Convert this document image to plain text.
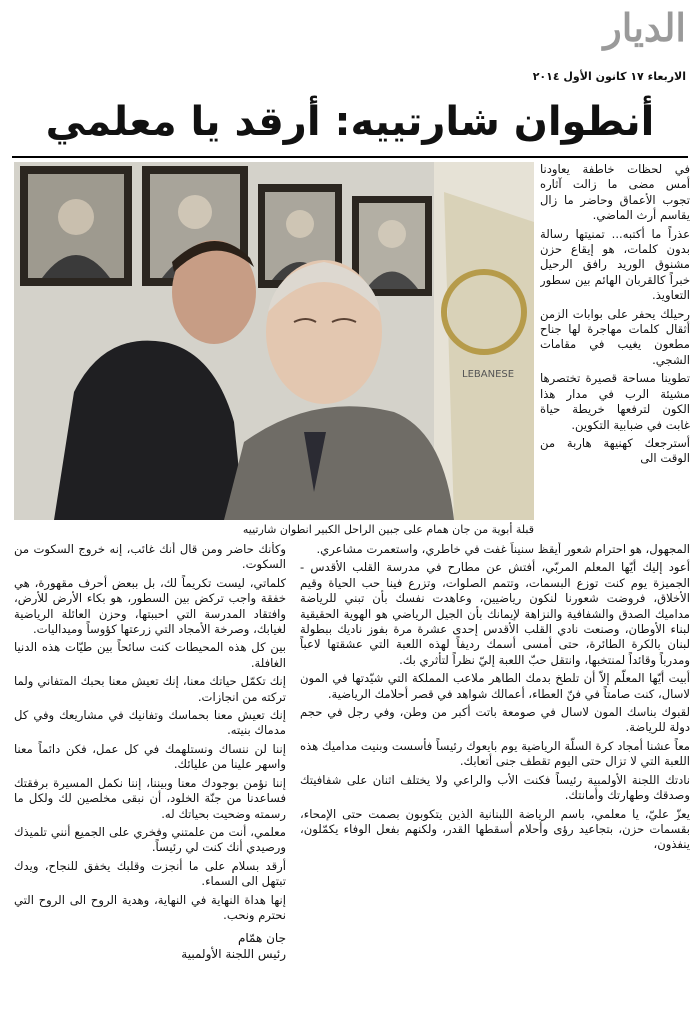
الديار
الاربعاء ١٧ كانون الأول ٢٠١٤
أنطوان شارتييه: أرقد يا معلمي
LEBANESE
قبلة أبوية من جان همام على جبين الراحل الكبير انطوان شارتييه

في لحظات خاطفة يعاودنا أمس مضى ما زالت آثاره تجوب الأعماق وحاضر ما زال يقاسم أرث الماضي.

عذراً ما أكتبه... تمنيتها رسالة بدون كلمات، هو إيقاع حزن مشنوق الوريد رافق الرحيل خبراً كالقربان الهائم بين سطور التعاويذ.

رحيلك يحفر على بوابات الزمن أثقال كلمات مهاجرة لها جناح مطعون يغيب في مقامات الشجي.

تطوينا مساحة قصيرة تختصرها مشيئة الرب في مدار هذا الكون لترفعها خريطة حياة غابت في ضبابية التكوين.

أسترجعك كهنيهة هاربة من الوقت الى

المجهول، هو احترام شعور أيقظ سنيناً غفت في خاطري، واستعمرت مشاعري.

أعود إليك أيّها المعلم المربّي، أفتش عن مطارح في مدرسة القلب الأقدس - الجميزة يوم كنت توزع البسمات، وتتمم الصلوات، وتزرع فينا حب الحياة وقيم الأخلاق، فروضت شعورنا لنكون رياضيين، وعاهدت نفسك بأن تبني للرياضة مداميك الصدق والشفافية والنزاهة لإيمانك بأن الجيل الرياضي هو الهوية الحقيقية لبناء الأوطان، وصنعت نادي القلب الأقدس إحدى عشرة مرة بفوز ناديك ببطولة لبنان بالكرة الطائرة، حتى أمسى أسمك رديفاً لهذه اللعبة التي عشقتها لاعباً ومدرباً وقائداً لمنتخبها، وانتقل حبّ اللعبة إليّ نظراً لتأثري بك.

أبيت أيّها المعلّم إلاّ أن تلطخ بدمك الطاهر ملاعب المملكة التي شيّدتها في المون لاسال، كنت صامتاً في فنّ العطاء، أعمالك شواهد في قصر أحلامك الرياضية.

لقبوك بناسك المون لاسال في صومعة باتت أكبر من وطن، وفي رجل في حجم دولة للرياضة.

معاً عشنا أمجاد كرة السلّة الرياضية يوم بايعوك رئيساً فأسست وبنيت مداميك هذه اللعبة التي لا تزال حتى اليوم تقطف جنى أتعابك.

نادتك اللجنة الأولمبية رئيساً فكنت الأب والراعي ولا يختلف اثنان على شفافيتك وصدقك وطهارتك وأمانتك.

يعزّ عليّ، يا معلمي، باسم الرياضة اللبنانية الذين يتكوبون بصمت حتى الإمحاء، بقسمات حزن، بتجاعيد رؤى وأحلام أسقطها القدر، ولكنهم بفعل الوفاء يكمّلون، ينفذون،

وكأنك حاضر ومن قال أنك غائب، إنه خروج السكوت من السكوت.

كلماتي، ليست تكريماً لك، بل ببعض أحرف مقهورة، هي خفقة واجب ترکض بين السطور، هو بكاء الأرض للأرض، وافتقاد المدرسة التي احببتها، وحزن العائلة الرياضية لغيابك، وصرخة الأمجاد التي زرعتها كؤوساً وميداليات.

بين كل هذه المحيطات كنت سائحاً بين طيّات هذه الدنيا الغافلة.

إنك تكمّل حياتك معنا، إنك تعيش معنا بحبك المتفاني ولما تركته من انجازات.

إنك تعيش معنا بحماسك وتفانيك في مشاريعك وفي كل مدماك بنيته.

إننا لن ننساك ونستلهمك في كل عمل، فكن دائماً معنا واسهر علينا من عليائك.

إننا نؤمن بوجودك معنا وبيننا، إننا نكمل المسيرة برفقتك فساعدنا من جنّة الخلود، أن نبقى مخلصين لك ولكل ما رسمته وضحيت بحياتك له.

معلمي، أنت من علمتني وفخري على الجميع أنني تلميذك ورصيدي أنك كنت لي رئيساً.

أرقد بسلام على ما أنجزت وقلبك يخفق للنجاح، ويدك تبتهل الى السماء.

إنها هداة النهاية في النهاية، وهدية الروح الى الروح التي نحترم ونحب.

جان همّام
رئيس اللجنة الأولمبية
